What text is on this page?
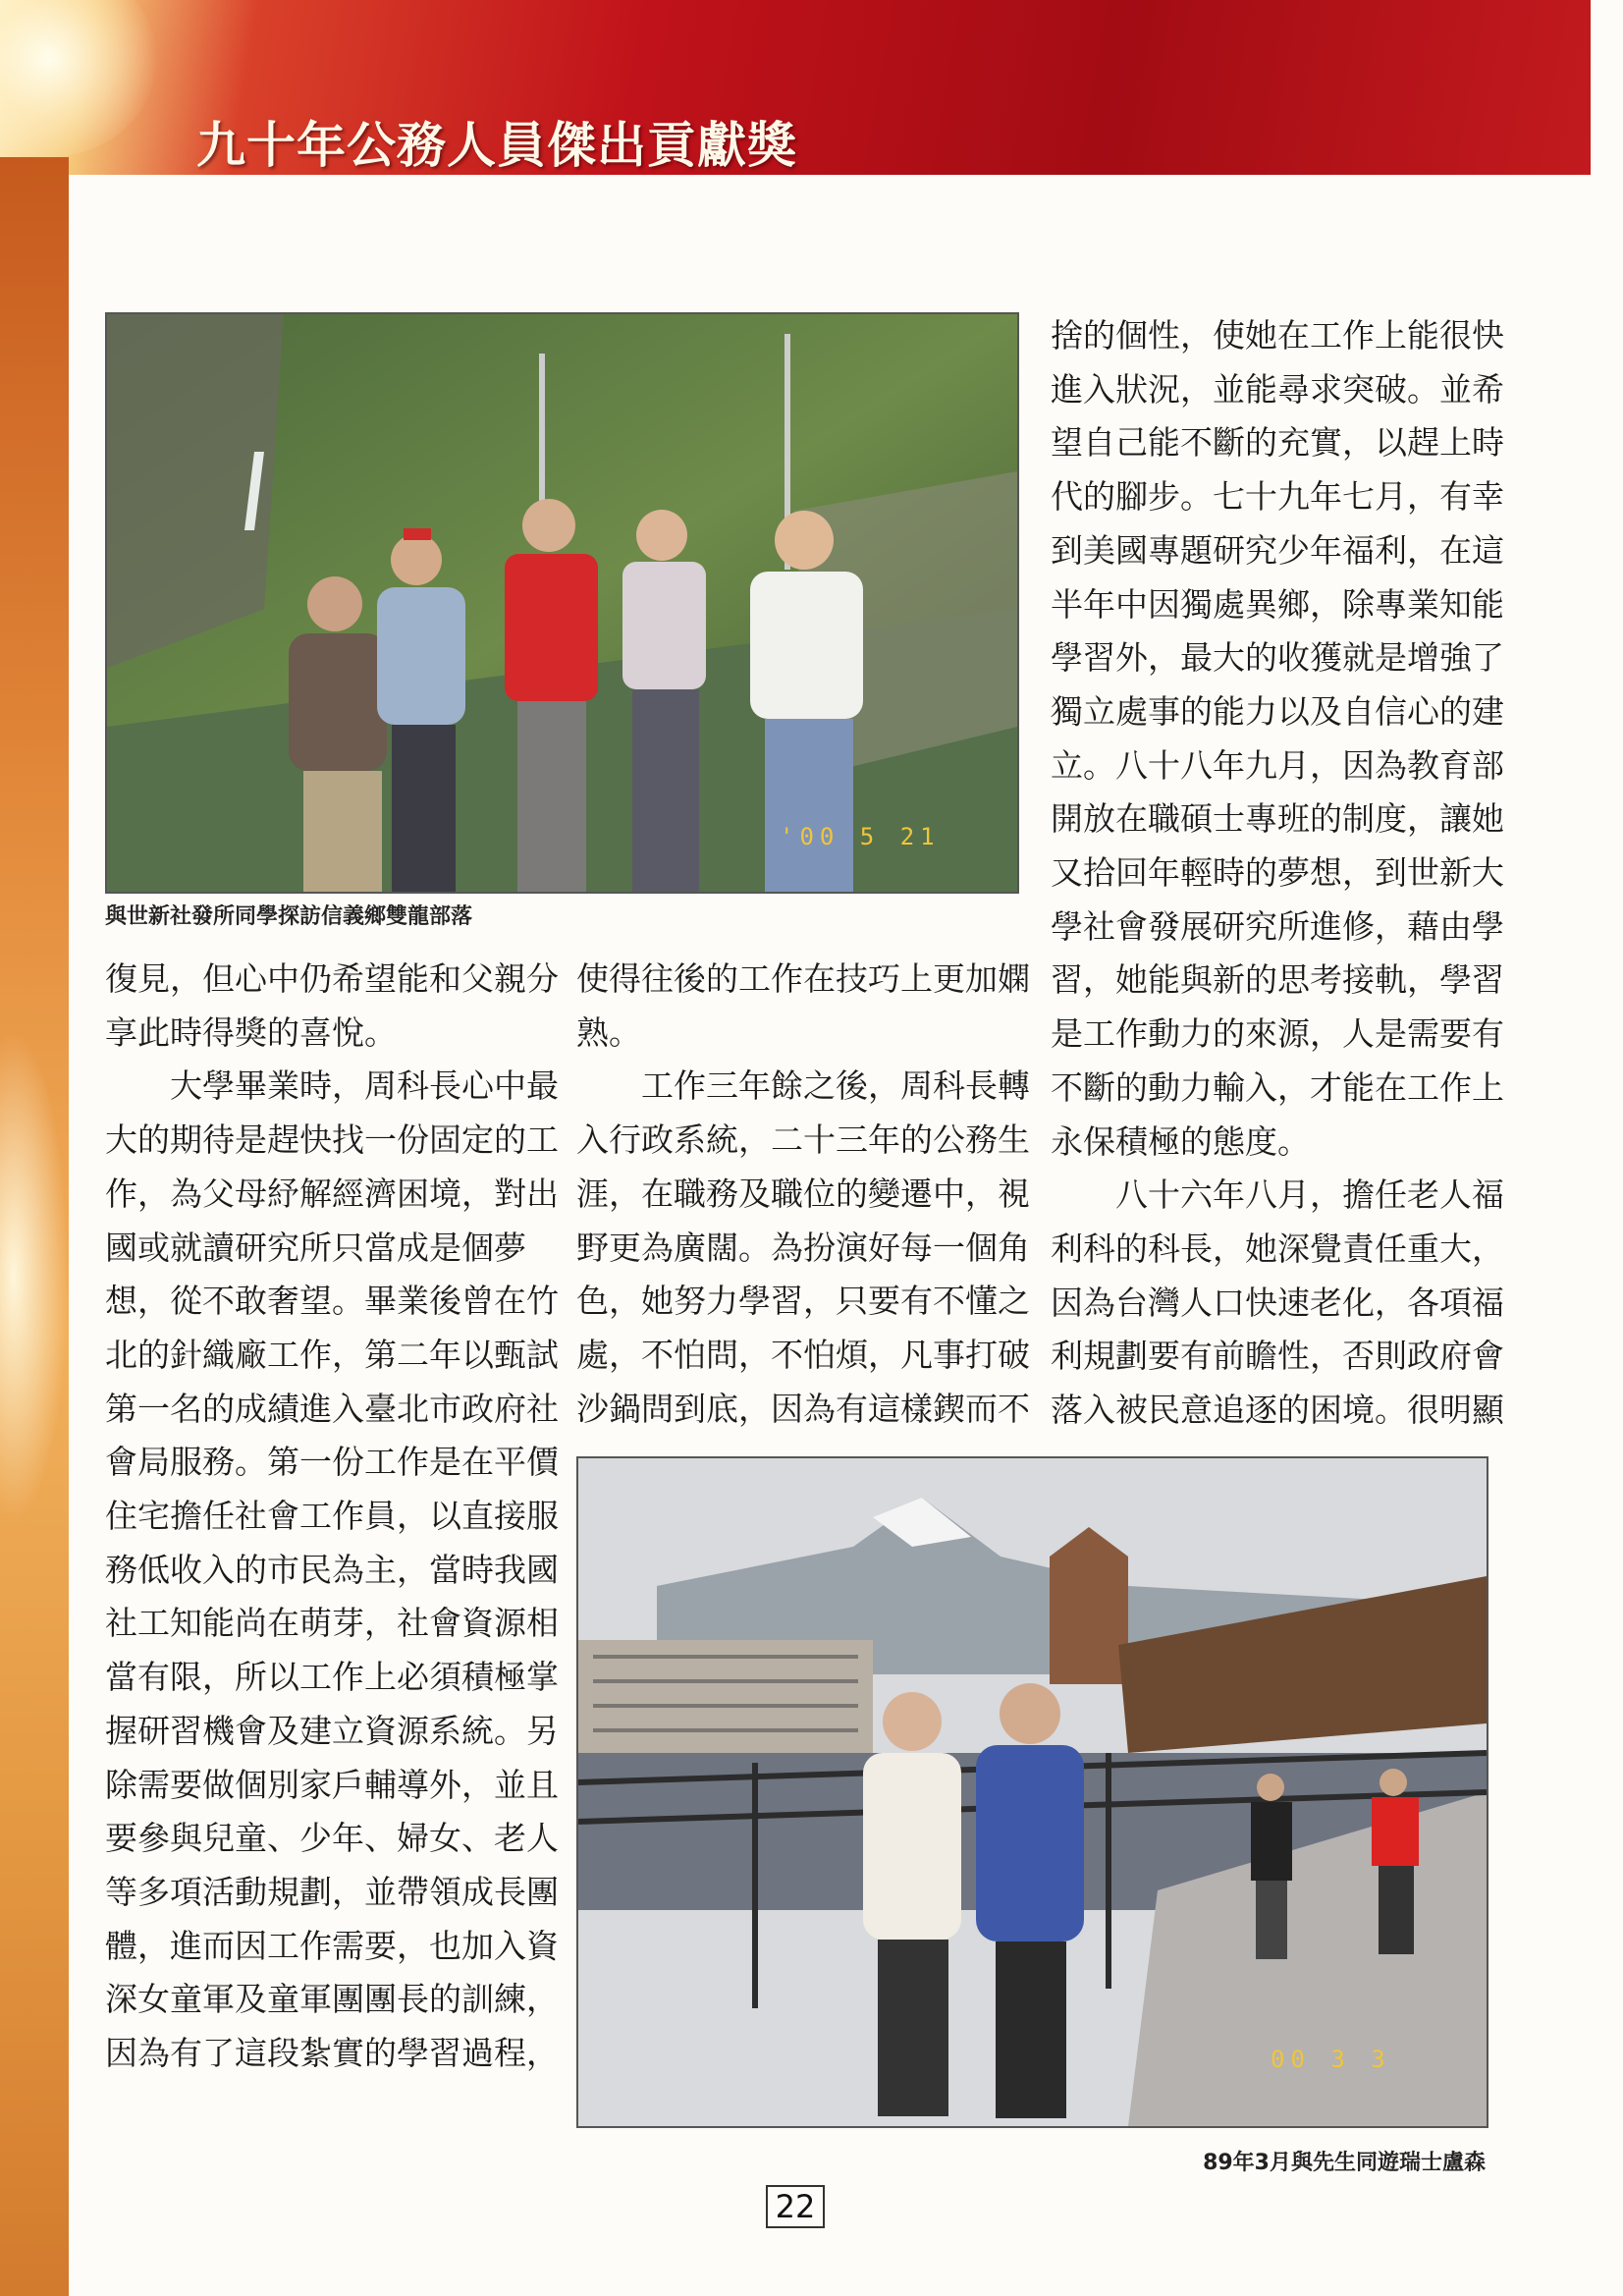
九十年公務人員傑出貢獻獎
'00 5 21
與世新社發所同學探訪信義鄉雙龍部落

捨的個性，使她在工作上能很快

進入狀況，並能尋求突破。並希

望自己能不斷的充實，以趕上時

代的腳步。七十九年七月，有幸

到美國專題研究少年福利，在這

半年中因獨處異鄉，除專業知能

學習外，最大的收獲就是增強了

獨立處事的能力以及自信心的建

立。八十八年九月，因為教育部

開放在職碩士專班的制度，讓她

又拾回年輕時的夢想，到世新大

學社會發展研究所進修，藉由學

習，她能與新的思考接軌，學習

是工作動力的來源，人是需要有

不斷的動力輸入，才能在工作上

永保積極的態度。

　　八十六年八月，擔任老人福

利科的科長，她深覺責任重大，

因為台灣人口快速老化，各項福

利規劃要有前瞻性，否則政府會

落入被民意追逐的困境。很明顯

復見，但心中仍希望能和父親分

享此時得獎的喜悅。

　　大學畢業時，周科長心中最

大的期待是趕快找一份固定的工

作，為父母紓解經濟困境，對出

國或就讀研究所只當成是個夢

想，從不敢奢望。畢業後曾在竹

北的針織廠工作，第二年以甄試

第一名的成績進入臺北市政府社

會局服務。第一份工作是在平價

住宅擔任社會工作員，以直接服

務低收入的市民為主，當時我國

社工知能尚在萌芽，社會資源相

當有限，所以工作上必須積極掌

握研習機會及建立資源系統。另

除需要做個別家戶輔導外，並且

要參與兒童、少年、婦女、老人

等多項活動規劃，並帶領成長團

體，進而因工作需要，也加入資

深女童軍及童軍團團長的訓練，

因為有了這段紮實的學習過程，

使得往後的工作在技巧上更加嫻

熟。

　　工作三年餘之後，周科長轉

入行政系統，二十三年的公務生

涯，在職務及職位的變遷中，視

野更為廣闊。為扮演好每一個角

色，她努力學習，只要有不懂之

處，不怕問，不怕煩，凡事打破

沙鍋問到底，因為有這樣鍥而不

00 3 3
89年3月與先生同遊瑞士盧森
22
